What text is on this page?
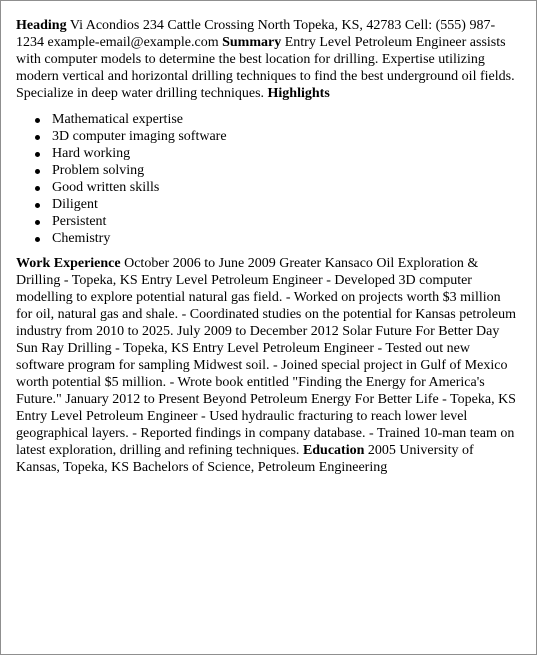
Heading Vi Acondios 234 Cattle Crossing North Topeka, KS, 42783 Cell: (555) 987-1234 example-email@example.com Summary Entry Level Petroleum Engineer assists with computer models to determine the best location for drilling. Expertise utilizing modern vertical and horizontal drilling techniques to find the best underground oil fields. Specialize in deep water drilling techniques. Highlights

Mathematical expertise
3D computer imaging software
Hard working
Problem solving
Good written skills
Diligent
Persistent
Chemistry

Work Experience October 2006 to June 2009 Greater Kansaco Oil Exploration & Drilling - Topeka, KS Entry Level Petroleum Engineer - Developed 3D computer modelling to explore potential natural gas field. - Worked on projects worth $3 million for oil, natural gas and shale. - Coordinated studies on the potential for Kansas petroleum industry from 2010 to 2025. July 2009 to December 2012 Solar Future For Better Day Sun Ray Drilling - Topeka, KS Entry Level Petroleum Engineer - Tested out new software program for sampling Midwest soil. - Joined special project in Gulf of Mexico worth potential $5 million. - Wrote book entitled "Finding the Energy for America's Future." January 2012 to Present Beyond Petroleum Energy For Better Life - Topeka, KS Entry Level Petroleum Engineer - Used hydraulic fracturing to reach lower level geographical layers. - Reported findings in company database. - Trained 10-man team on latest exploration, drilling and refining techniques. Education 2005 University of Kansas, Topeka, KS Bachelors of Science, Petroleum Engineering
